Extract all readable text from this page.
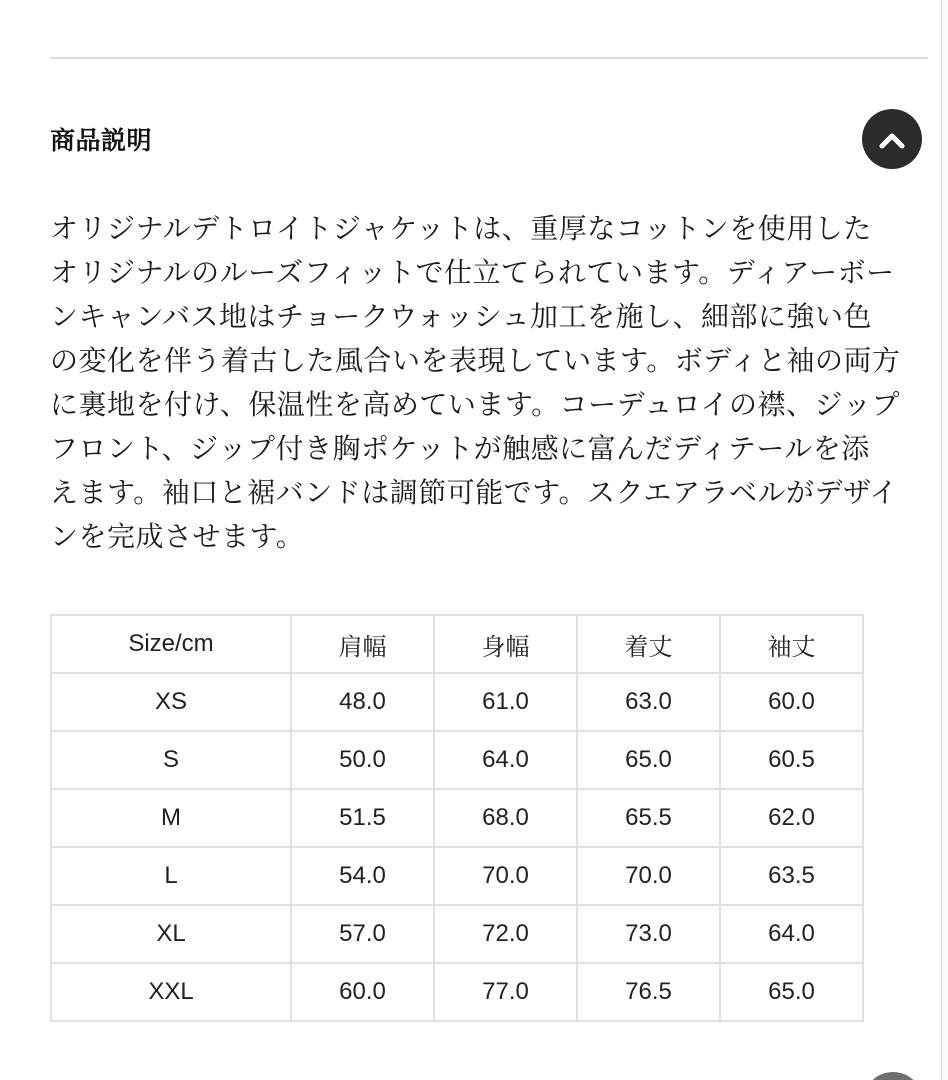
商品説明
オリジナルデトロイトジャケットは、重厚なコットンを使用した
オリジナルのルーズフィットで仕立てられています。ディアーボー
ンキャンバス地はチョークウォッシュ加工を施し、細部に強い色
の変化を伴う着古した風合いを表現しています。ボディと袖の両方
に裏地を付け、保温性を高めています。コーデュロイの襟、ジップ
フロント、ジップ付き胸ポケットが触感に富んだディテールを添
えます。袖口と裾バンドは調節可能です。スクエアラベルがデザイ
ンを完成させます。
Size/cm	肩幅	身幅	着丈	袖丈
XS	48.0	61.0	63.0	60.0
S	50.0	64.0	65.0	60.5
M	51.5	68.0	65.5	62.0
L	54.0	70.0	70.0	63.5
XL	57.0	72.0	73.0	64.0
XXL	60.0	77.0	76.5	65.0
